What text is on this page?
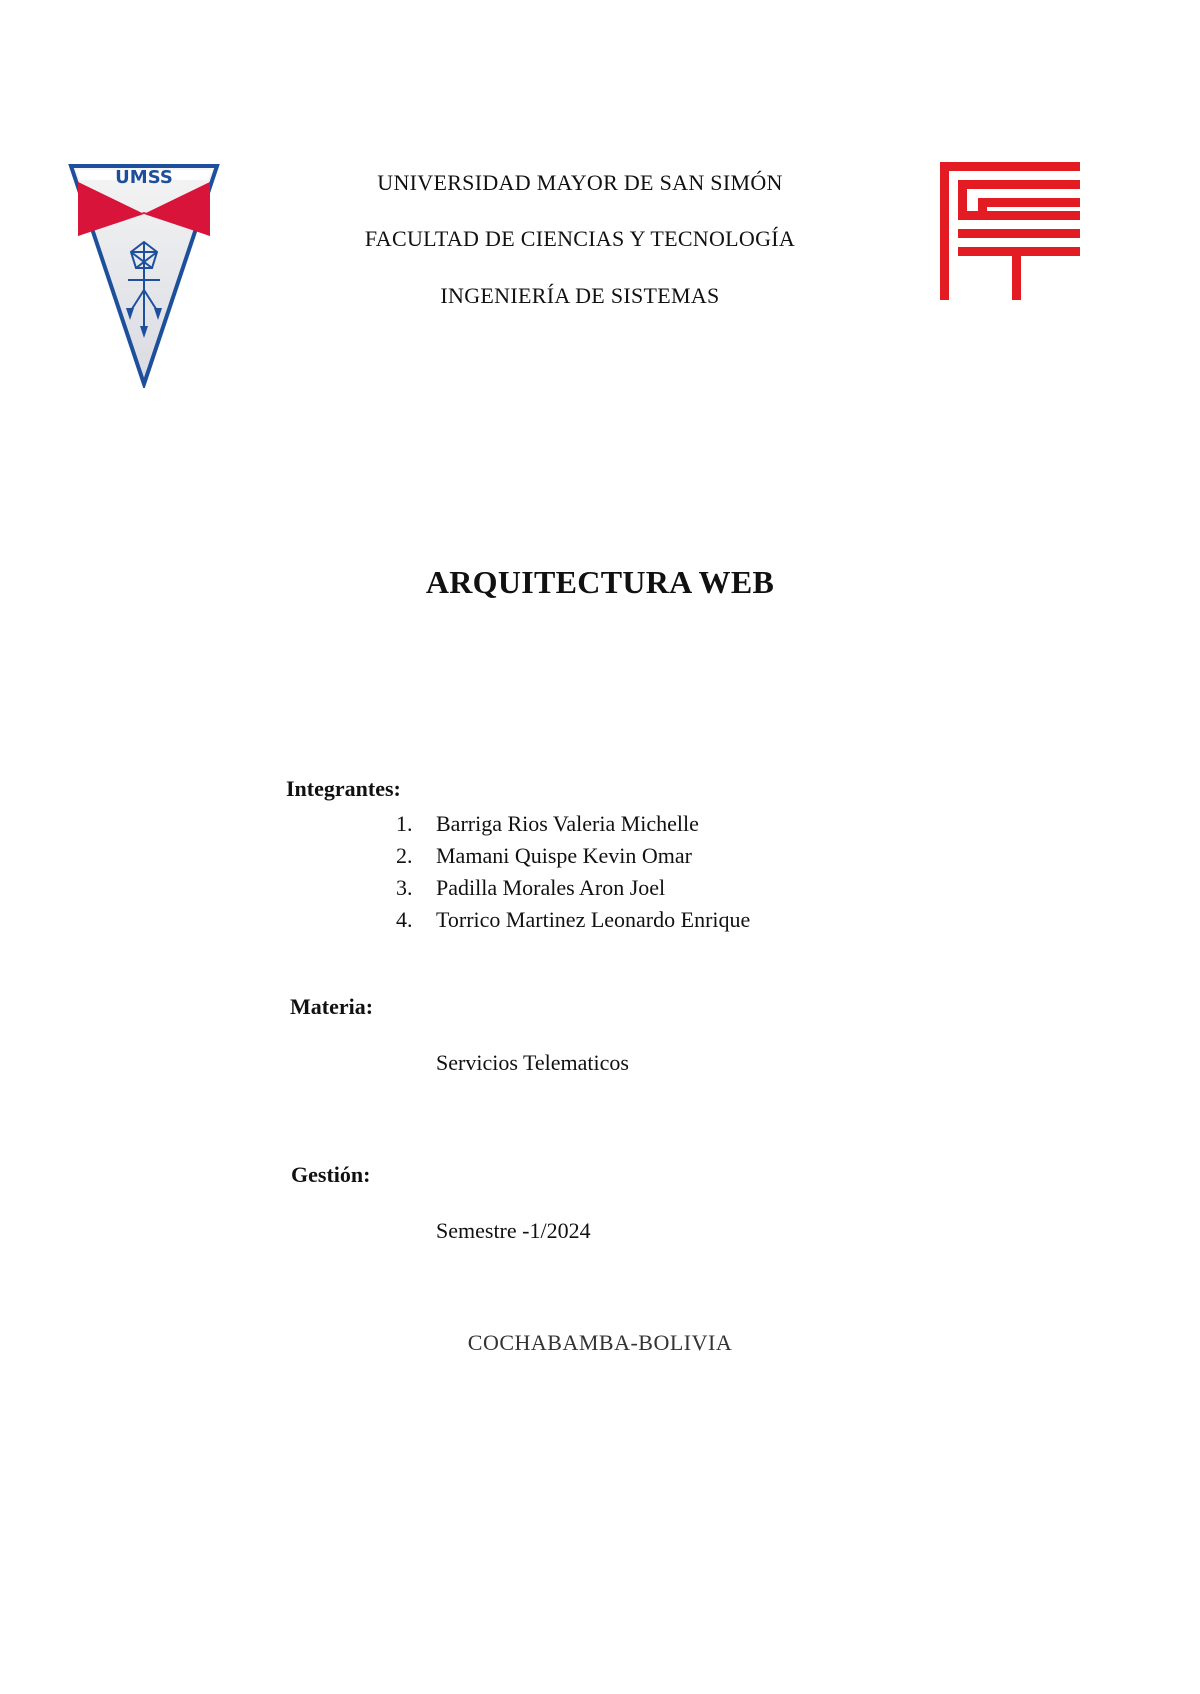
UMSS	UNIVERSIDAD MAYOR DE SAN SIMÓN
FACULTAD DE CIENCIAS Y TECNOLOGÍA
INGENIERÍA DE SISTEMAS
ARQUITECTURA WEB
Integrantes:
1.	Barriga Rios Valeria Michelle
2.	Mamani Quispe Kevin Omar
3.	Padilla Morales Aron Joel
4.	Torrico Martinez Leonardo Enrique
Materia:
Servicios Telematicos
Gestión:
Semestre -1/2024
COCHABAMBA-BOLIVIA
